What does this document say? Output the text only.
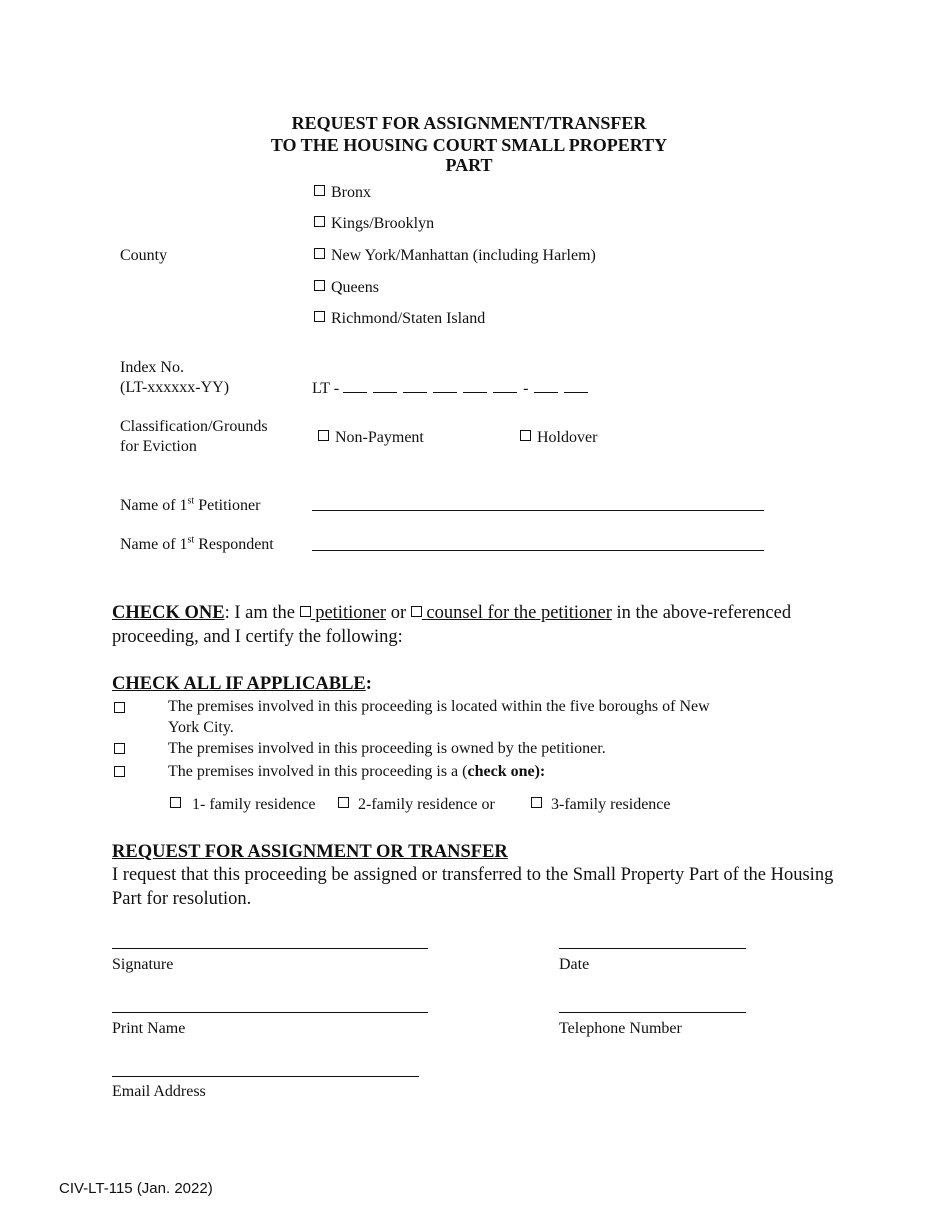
REQUEST FOR ASSIGNMENT/TRANSFER
TO THE HOUSING COURT SMALL PROPERTY
PART
County
Bronx
Kings/Brooklyn
New York/Manhattan (including Harlem)
Queens
Richmond/Staten Island
Index No.
(LT-xxxxxx-YY)	LT -	-
Classification/Grounds
for Eviction
Non-Payment	Holdover
Name of 1st Petitioner
Name of 1st Respondent
CHECK ONE: I am the  petitioner or  counsel for the petitioner in the above-referenced
proceeding, and I certify the following:
CHECK ALL IF APPLICABLE:
The premises involved in this proceeding is located within the five boroughs of New
York City.
The premises involved in this proceeding is owned by the petitioner.
The premises involved in this proceeding is a (check one):
1- family residence	2-family residence or	3-family residence
REQUEST FOR ASSIGNMENT OR TRANSFER
I request that this proceeding be assigned or transferred to the Small Property Part of the Housing
Part for resolution.
Signature	Date
Print Name	Telephone Number
Email Address
CIV-LT-115 (Jan. 2022)
